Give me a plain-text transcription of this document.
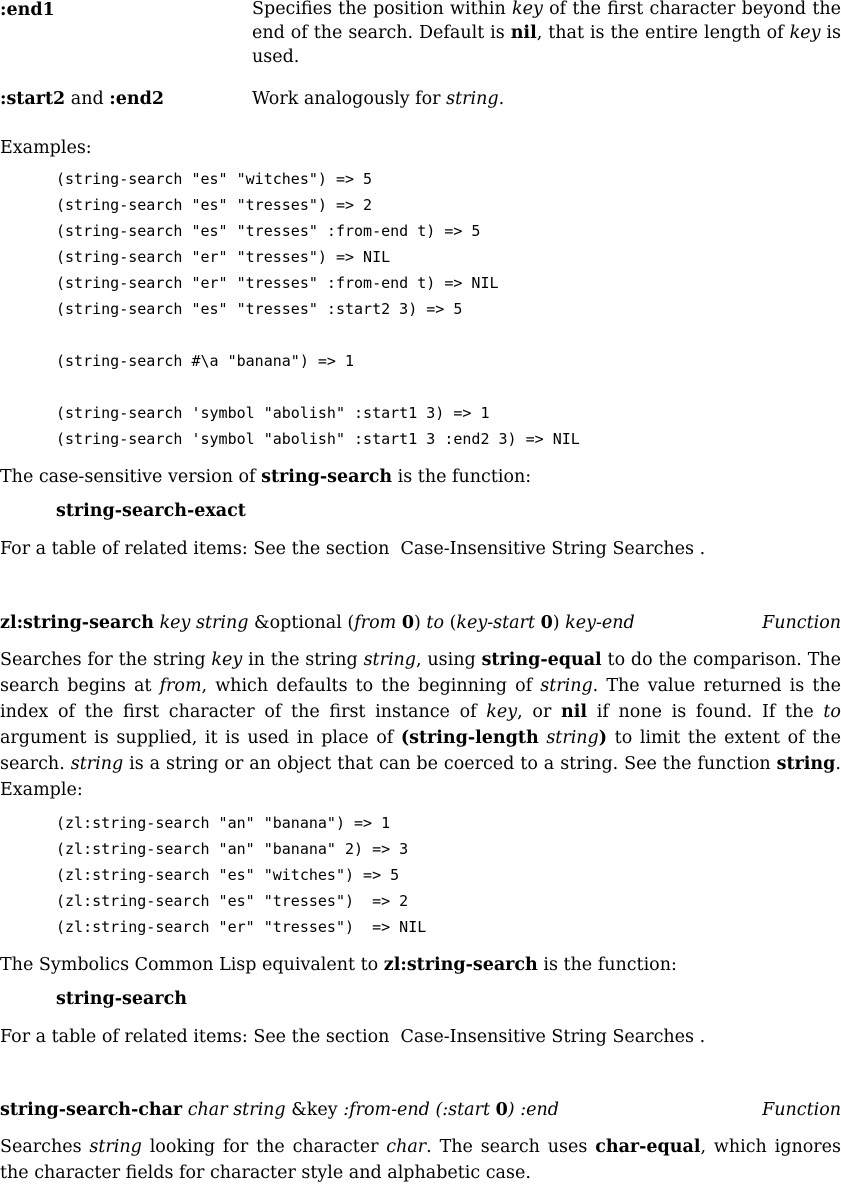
:end1	Specifies the position within key of the first character beyond the end of the search. Default is nil, that is the entire length of key is used.
:start2 and :end2	Work analogously for string.
Examples:
(string-search "es" "witches") => 5
(string-search "es" "tresses") => 2
(string-search "es" "tresses" :from-end t) => 5
(string-search "er" "tresses") => NIL
(string-search "er" "tresses" :from-end t) => NIL
(string-search "es" "tresses" :start2 3) => 5
(string-search #\a "banana") => 1
(string-search 'symbol "abolish" :start1 3) => 1
(string-search 'symbol "abolish" :start1 3 :end2 3) => NIL
The case-sensitive version of string-search is the function:
string-search-exact
For a table of related items: See the section Case-Insensitive String Searches .
zl:string-search key string &optional (from 0) to (key-start 0) key-end	Function
Searches for the string key in the string string, using string-equal to do the comparison. The search begins at from, which defaults to the beginning of string. The value returned is the index of the first character of the first instance of key, or nil if none is found. If the to argument is supplied, it is used in place of (string-length string) to limit the extent of the search. string is a string or an object that can be coerced to a string. See the function string. Example:
(zl:string-search "an" "banana") => 1
(zl:string-search "an" "banana" 2) => 3
(zl:string-search "es" "witches") => 5
(zl:string-search "es" "tresses")  => 2
(zl:string-search "er" "tresses")  => NIL
The Symbolics Common Lisp equivalent to zl:string-search is the function:
string-search
For a table of related items: See the section Case-Insensitive String Searches .
string-search-char char string &key :from-end (:start 0) :end	Function
Searches string looking for the character char. The search uses char-equal, which ignores the character fields for character style and alphabetic case.
